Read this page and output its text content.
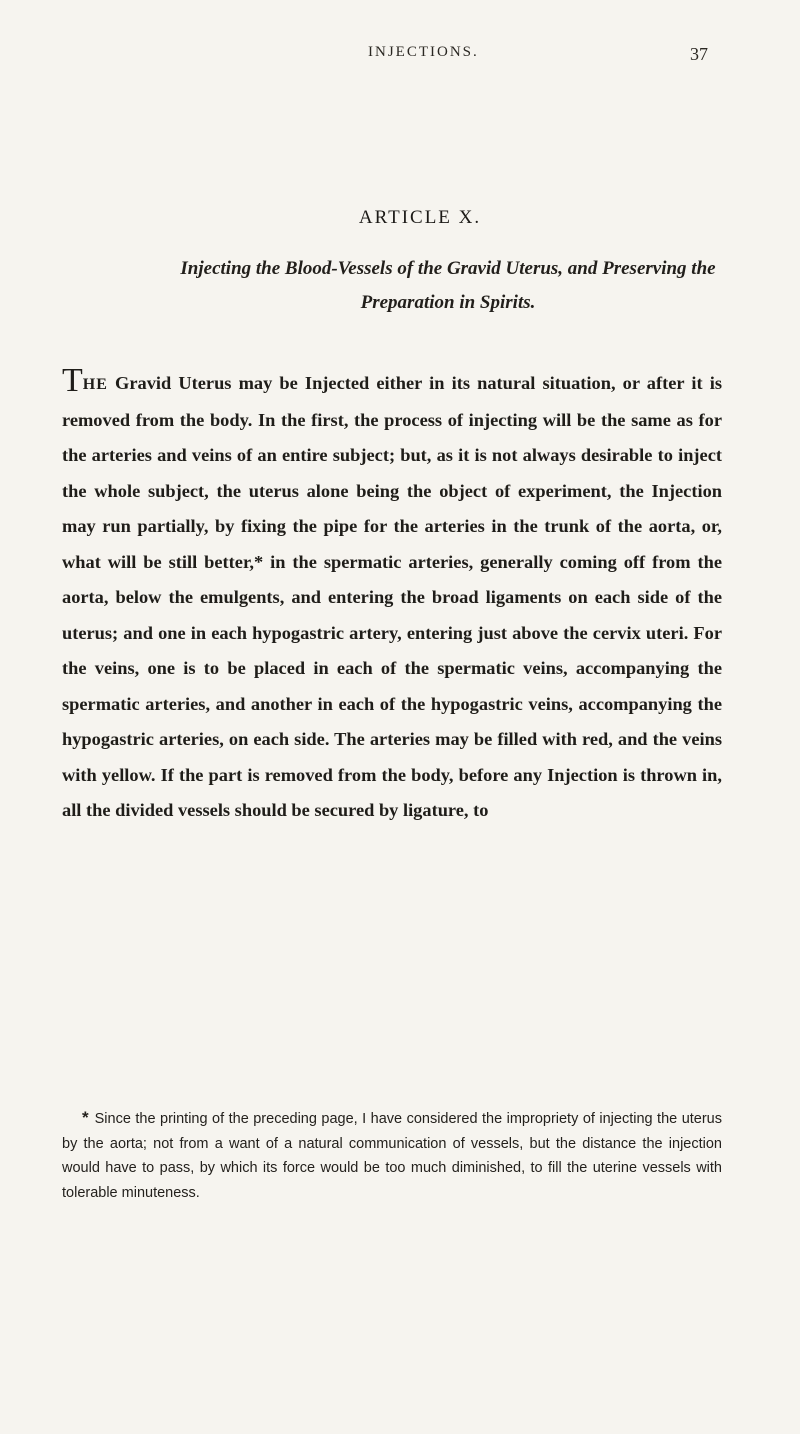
INJECTIONS.	37
ARTICLE X.
Injecting the Blood-Vessels of the Gravid Uterus, and Preserving the Preparation in Spirits.

THE Gravid Uterus may be Injected either in its natural situation, or after it is removed from the body. In the first, the process of injecting will be the same as for the arteries and veins of an entire subject; but, as it is not always desirable to inject the whole subject, the uterus alone being the object of experiment, the Injection may run partially, by fixing the pipe for the arteries in the trunk of the aorta, or, what will be still better,* in the spermatic arteries, generally coming off from the aorta, below the emulgents, and entering the broad ligaments on each side of the uterus; and one in each hypogastric artery, entering just above the cervix uteri. For the veins, one is to be placed in each of the spermatic veins, accompanying the spermatic arteries, and another in each of the hypogastric veins, accompanying the hypogastric arteries, on each side. The arteries may be filled with red, and the veins with yellow. If the part is removed from the body, before any Injection is thrown in, all the divided vessels should be secured by ligature, to

* Since the printing of the preceding page, I have considered the impropriety of injecting the uterus by the aorta; not from a want of a natural communication of vessels, but the distance the injection would have to pass, by which its force would be too much diminished, to fill the uterine vessels with tolerable minuteness.
